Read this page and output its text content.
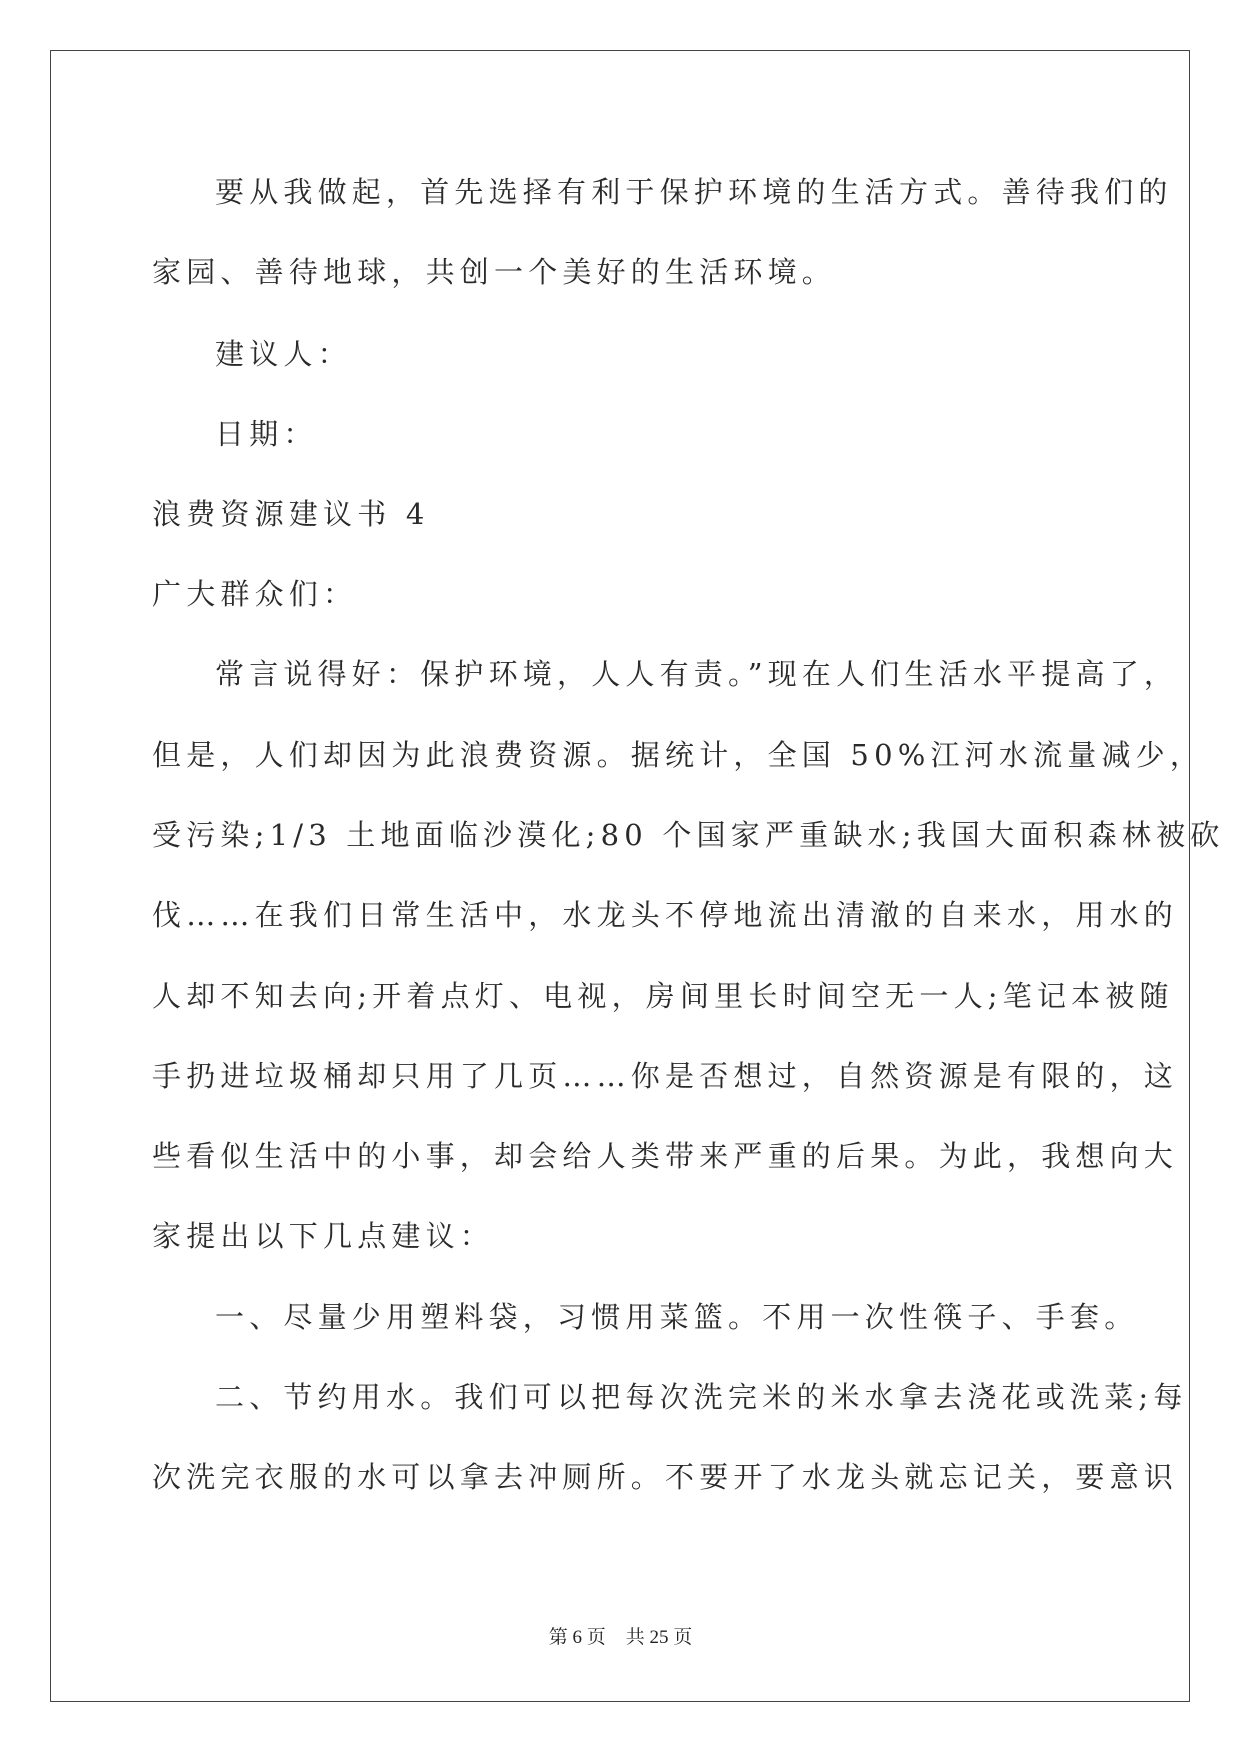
要从我做起，首先选择有利于保护环境的生活方式。善待我们的
家园、善待地球，共创一个美好的生活环境。
建议人：
日期：
浪费资源建议书 4
广大群众们：
常言说得好：保护环境，人人有责。”现在人们生活水平提高了，
但是，人们却因为此浪费资源。据统计，全国 50%江河水流量减少，
受污染;1/3 土地面临沙漠化;80 个国家严重缺水;我国大面积森林被砍
伐……在我们日常生活中，水龙头不停地流出清澈的自来水，用水的
人却不知去向;开着点灯、电视，房间里长时间空无一人;笔记本被随
手扔进垃圾桶却只用了几页……你是否想过，自然资源是有限的，这
些看似生活中的小事，却会给人类带来严重的后果。为此，我想向大
家提出以下几点建议：
一、尽量少用塑料袋，习惯用菜篮。不用一次性筷子、手套。
二、节约用水。我们可以把每次洗完米的米水拿去浇花或洗菜;每
次洗完衣服的水可以拿去冲厕所。不要开了水龙头就忘记关，要意识
第 6 页 共 25 页
